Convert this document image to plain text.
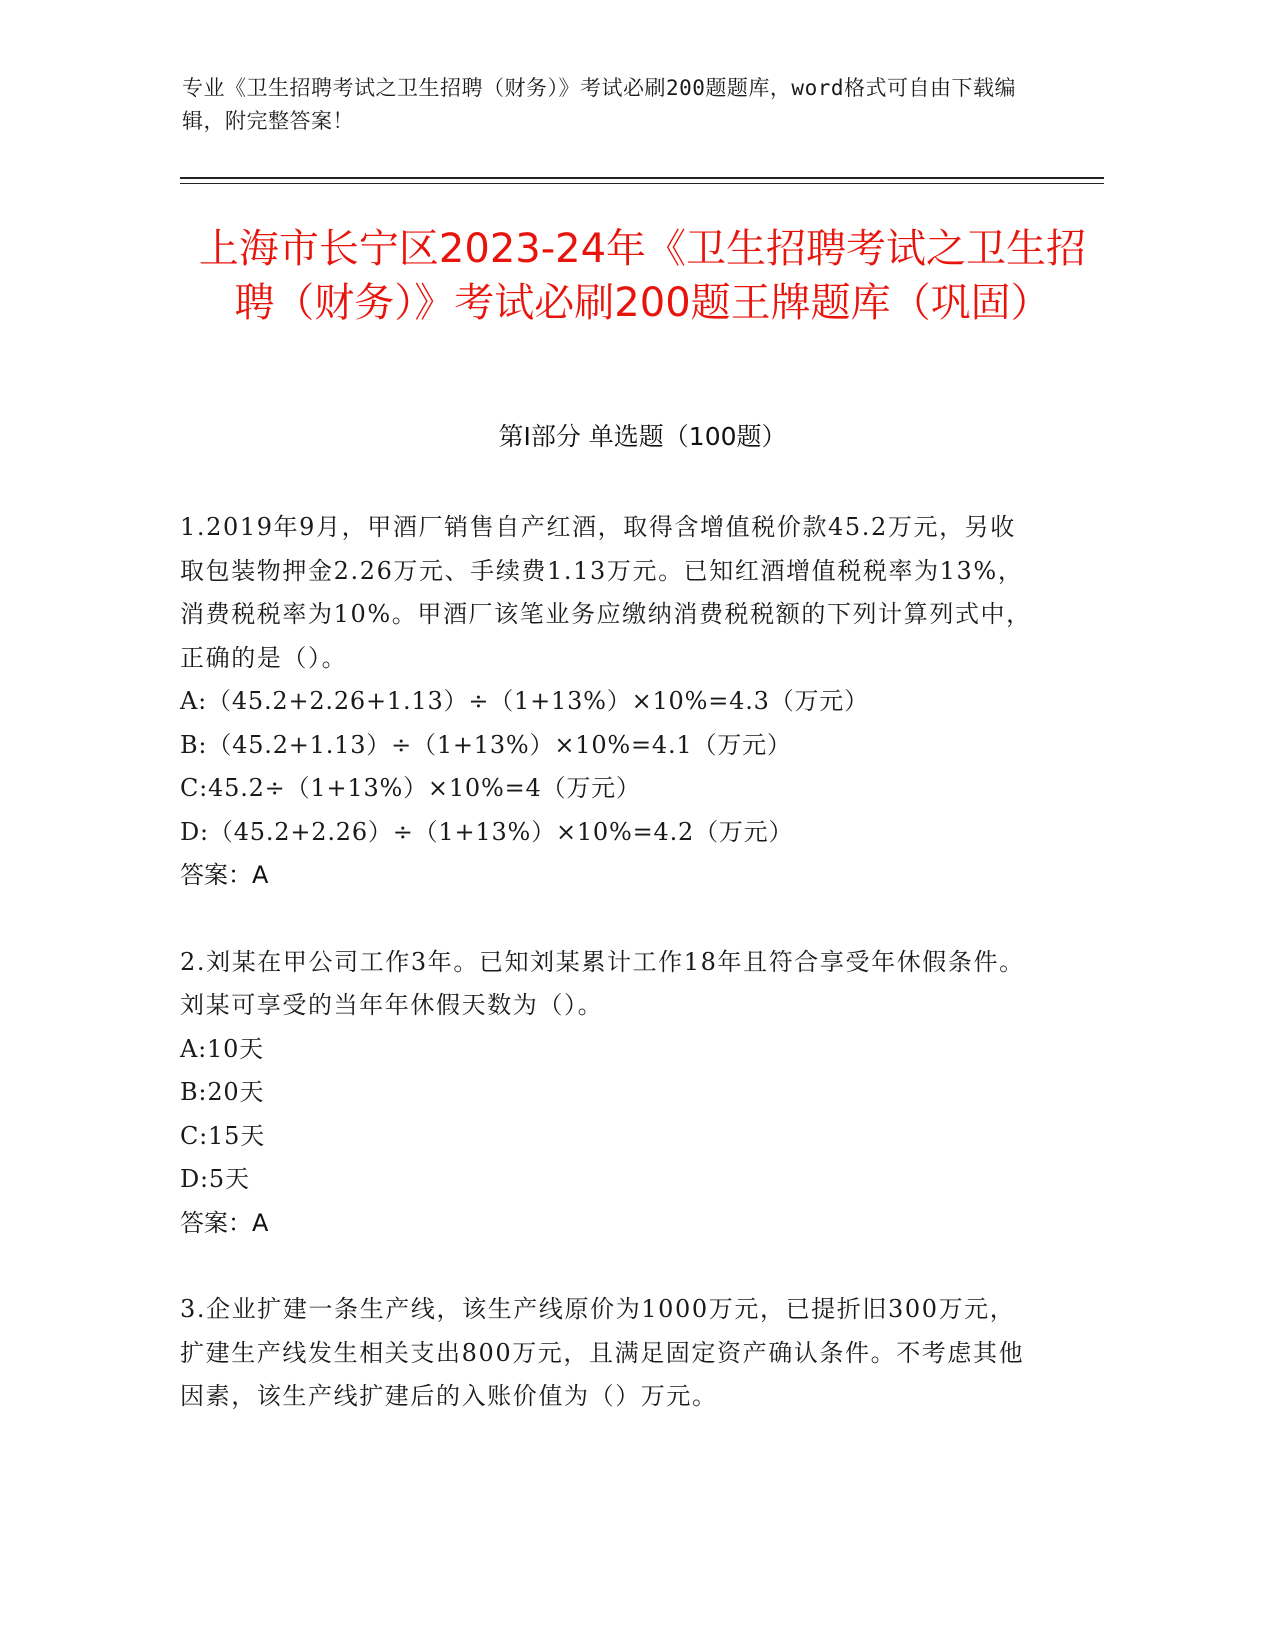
专业《卫生招聘考试之卫生招聘（财务）》考试必刷200题题库，word格式可自由下载编辑，附完整答案！
上海市长宁区2023-24年《卫生招聘考试之卫生招聘（财务）》考试必刷200题王牌题库（巩固）
第I部分 单选题（100题）

1.2019年9月，甲酒厂销售自产红酒，取得含增值税价款45.2万元，另收取包装物押金2.26万元、手续费1.13万元。已知红酒增值税税率为13%，消费税税率为10%。甲酒厂该笔业务应缴纳消费税税额的下列计算列式中，正确的是（）。

A:（45.2+2.26+1.13）÷（1+13%）×10%=4.3（万元）

B:（45.2+1.13）÷（1+13%）×10%=4.1（万元）

C:45.2÷（1+13%）×10%=4（万元）

D:（45.2+2.26）÷（1+13%）×10%=4.2（万元）

答案：A

2.刘某在甲公司工作3年。已知刘某累计工作18年且符合享受年休假条件。刘某可享受的当年年休假天数为（）。

A:10天

B:20天

C:15天

D:5天

答案：A

3.企业扩建一条生产线，该生产线原价为1000万元，已提折旧300万元，扩建生产线发生相关支出800万元，且满足固定资产确认条件。不考虑其他因素，该生产线扩建后的入账价值为（）万元。
